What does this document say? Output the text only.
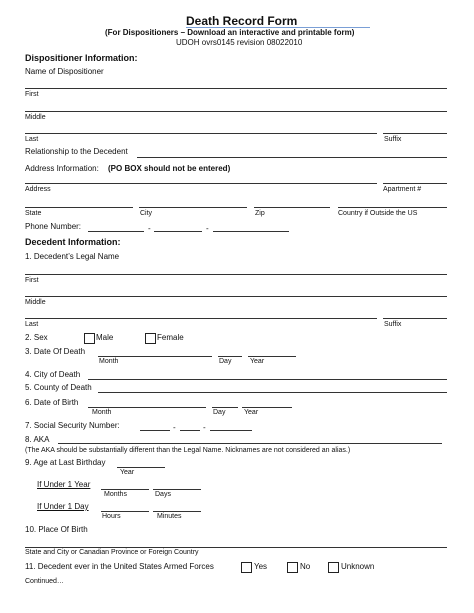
Death Record Form
(For Dispositioners – Download an interactive and printable form)
UDOH ovrs0145 revision 08022010
Dispositioner Information:
Name of Dispositioner
First
Middle
Last	Suffix
Relationship to the Decedent
Address Information: (PO BOX should not be entered)
Address	Apartment #
State	City	Zip	Country if Outside the US
Phone Number:	-	-
Decedent Information:
1. Decedent’s Legal Name
First
Middle
Last	Suffix
2. Sex	Male	Female
3. Date Of Death
Month	Day	Year
4. City of Death
5. County of Death
6. Date of Birth
Month	Day	Year
7. Social Security Number:	-	-
8. AKA
(The AKA should be substantially different than the Legal Name. Nicknames are not considered an alias.)
9. Age at Last Birthday
Year
If Under 1 Year
Months	Days
If Under 1 Day
Hours	Minutes
10. Place Of Birth
State and City or Canadian Province or Foreign Country
11. Decedent ever in the United States Armed Forces	Yes	No	Unknown
Continued…
